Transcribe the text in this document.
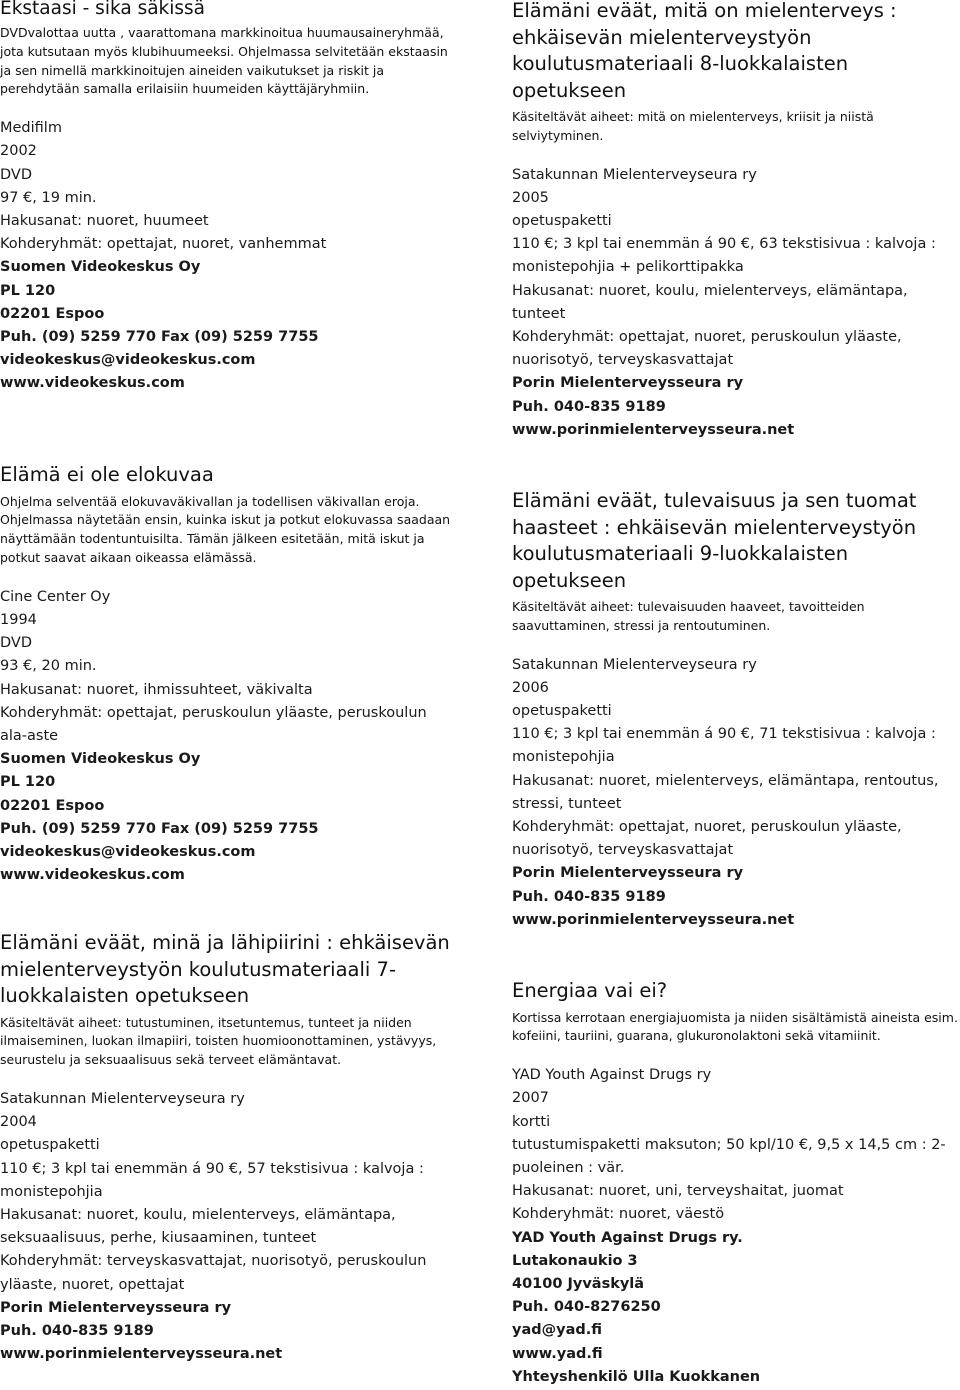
Ekstaasi - sika säkissä

DVDvalottaa uutta , vaarattomana markkinoitua huumausaineryhmää, jota kutsutaan myös klubihuumeeksi. Ohjelmassa selvitetään ekstaasin ja sen nimellä markkinoitujen aineiden vaikutukset ja riskit ja perehdytään samalla erilaisiin huumeiden käyttäjäryhmiin.

Medifilm
2002
DVD
97 €, 19 min.
Hakusanat: nuoret, huumeet
Kohderyhmät: opettajat, nuoret, vanhemmat
Suomen Videokeskus Oy
PL 120
02201 Espoo
Puh. (09) 5259 770 Fax (09) 5259 7755
videokeskus@videokeskus.com
www.videokeskus.com
Elämä ei ole elokuvaa

Ohjelma selventää elokuvaväkivallan ja todellisen väkivallan eroja. Ohjelmassa näytetään ensin, kuinka iskut ja potkut elokuvassa saadaan näyttämään todentuntuisilta. Tämän jälkeen esitetään, mitä iskut ja potkut saavat aikaan oikeassa elämässä.

Cine Center Oy
1994
DVD
93 €, 20 min.
Hakusanat: nuoret, ihmissuhteet, väkivalta
Kohderyhmät: opettajat, peruskoulun yläaste, peruskoulun ala-aste
Suomen Videokeskus Oy
PL 120
02201 Espoo
Puh. (09) 5259 770 Fax (09) 5259 7755
videokeskus@videokeskus.com
www.videokeskus.com
Elämäni eväät, minä ja lähipiirini : ehkäisevän mielenterveystyön koulutusmateriaali 7-luokkalaisten opetukseen

Käsiteltävät aiheet: tutustuminen, itsetuntemus, tunteet ja niiden ilmaiseminen, luokan ilmapiiri, toisten huomioonottaminen, ystävyys, seurustelu ja seksuaalisuus sekä terveet elämäntavat.

Satakunnan Mielenterveyseura ry
2004
opetuspaketti
110 €; 3 kpl tai enemmän á 90 €, 57 tekstisivua : kalvoja : monistepohjia
Hakusanat: nuoret, koulu, mielenterveys, elämäntapa, seksuaalisuus, perhe, kiusaaminen, tunteet
Kohderyhmät: terveyskasvattajat, nuorisotyö, peruskoulun yläaste, nuoret, opettajat
Porin Mielenterveysseura ry
Puh. 040-835 9189
www.porinmielenterveysseura.net
Elämäni eväät, mitä on mielenterveys : ehkäisevän mielenterveystyön koulutusmateriaali 8-luokkalaisten opetukseen

Käsiteltävät aiheet: mitä on mielenterveys, kriisit ja niistä selviytyminen.

Satakunnan Mielenterveyseura ry
2005
opetuspaketti
110 €; 3 kpl tai enemmän á 90 €, 63 tekstisivua : kalvoja : monistepohjia + pelikorttipakka
Hakusanat: nuoret, koulu, mielenterveys, elämäntapa, tunteet
Kohderyhmät: opettajat, nuoret, peruskoulun yläaste, nuorisotyö, terveyskasvattajat
Porin Mielenterveysseura ry
Puh. 040-835 9189
www.porinmielenterveysseura.net
Elämäni eväät, tulevaisuus ja sen tuomat haasteet : ehkäisevän mielenterveystyön koulutusmateriaali 9-luokkalaisten opetukseen

Käsiteltävät aiheet: tulevaisuuden haaveet, tavoitteiden saavuttaminen, stressi ja rentoutuminen.

Satakunnan Mielenterveyseura ry
2006
opetuspaketti
110 €; 3 kpl tai enemmän á 90 €, 71 tekstisivua : kalvoja : monistepohjia
Hakusanat: nuoret, mielenterveys, elämäntapa, rentoutus, stressi, tunteet
Kohderyhmät: opettajat, nuoret, peruskoulun yläaste, nuorisotyö, terveyskasvattajat
Porin Mielenterveysseura ry
Puh. 040-835 9189
www.porinmielenterveysseura.net
Energiaa vai ei?

Kortissa kerrotaan energiajuomista ja niiden sisältämistä aineista esim. kofeiini, tauriini, guarana, glukuronolaktoni sekä vitamiinit.

YAD Youth Against Drugs ry
2007
kortti
tutustumispaketti maksuton; 50 kpl/10 €, 9,5 x 14,5 cm : 2-puoleinen : vär.
Hakusanat: nuoret, uni, terveyshaitat, juomat
Kohderyhmät: nuoret, väestö
YAD Youth Against Drugs ry.
Lutakonaukio 3
40100 Jyväskylä
Puh. 040-8276250
yad@yad.fi
www.yad.fi
Yhteyshenkilö Ulla Kuokkanen
